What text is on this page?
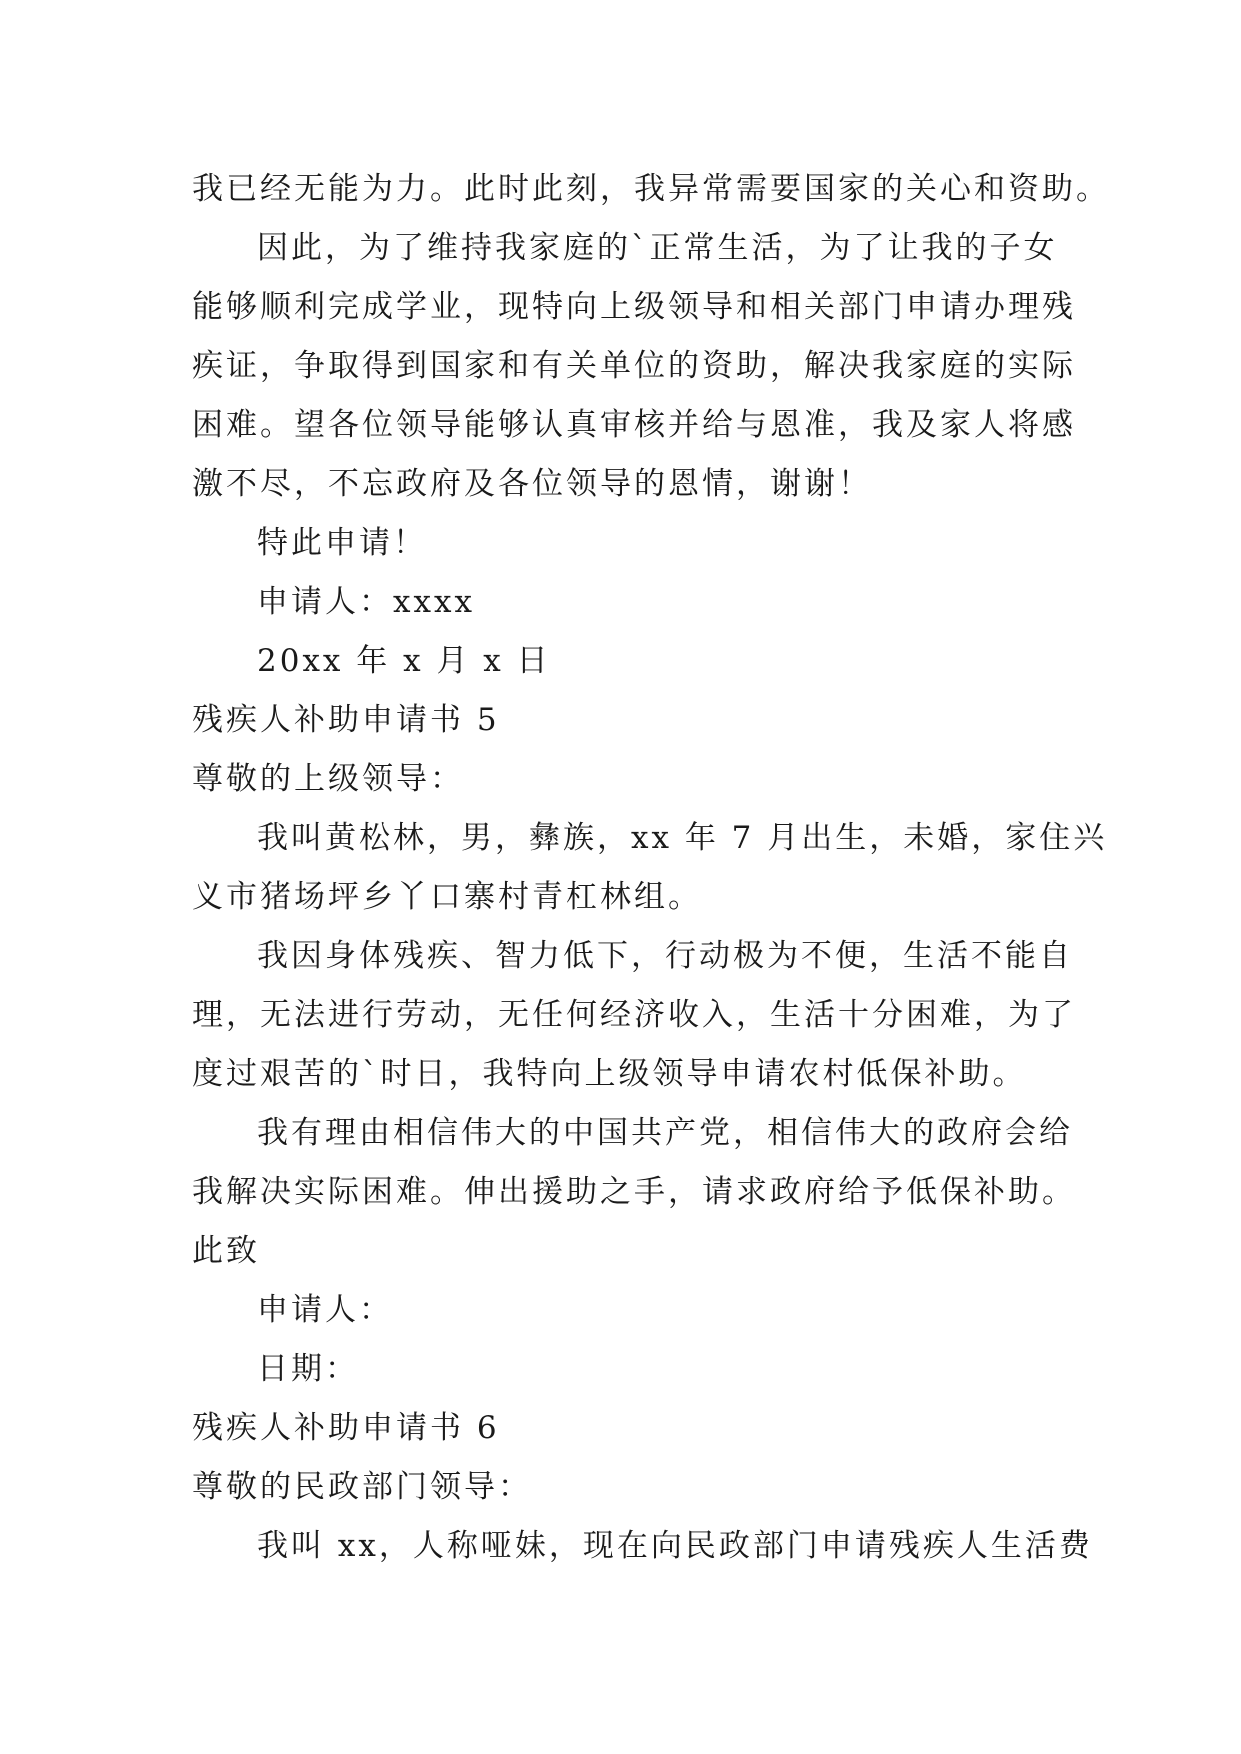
我已经无能为力。此时此刻，我异常需要国家的关心和资助。
因此，为了维持我家庭的`正常生活，为了让我的子女
能够顺利完成学业，现特向上级领导和相关部门申请办理残
疾证，争取得到国家和有关单位的资助，解决我家庭的实际
困难。望各位领导能够认真审核并给与恩准，我及家人将感
激不尽，不忘政府及各位领导的恩情，谢谢！
特此申请！
申请人：xxxx
20xx 年 x 月 x 日
残疾人补助申请书 5
尊敬的上级领导：
我叫黄松林，男，彝族，xx 年 7 月出生，未婚，家住兴
义市猪场坪乡丫口寨村青杠林组。
我因身体残疾、智力低下，行动极为不便，生活不能自
理，无法进行劳动，无任何经济收入，生活十分困难，为了
度过艰苦的`时日，我特向上级领导申请农村低保补助。
我有理由相信伟大的中国共产党，相信伟大的政府会给
我解决实际困难。伸出援助之手，请求政府给予低保补助。
此致
申请人：
日期：
残疾人补助申请书 6
尊敬的民政部门领导：
我叫 xx，人称哑妹，现在向民政部门申请残疾人生活费
